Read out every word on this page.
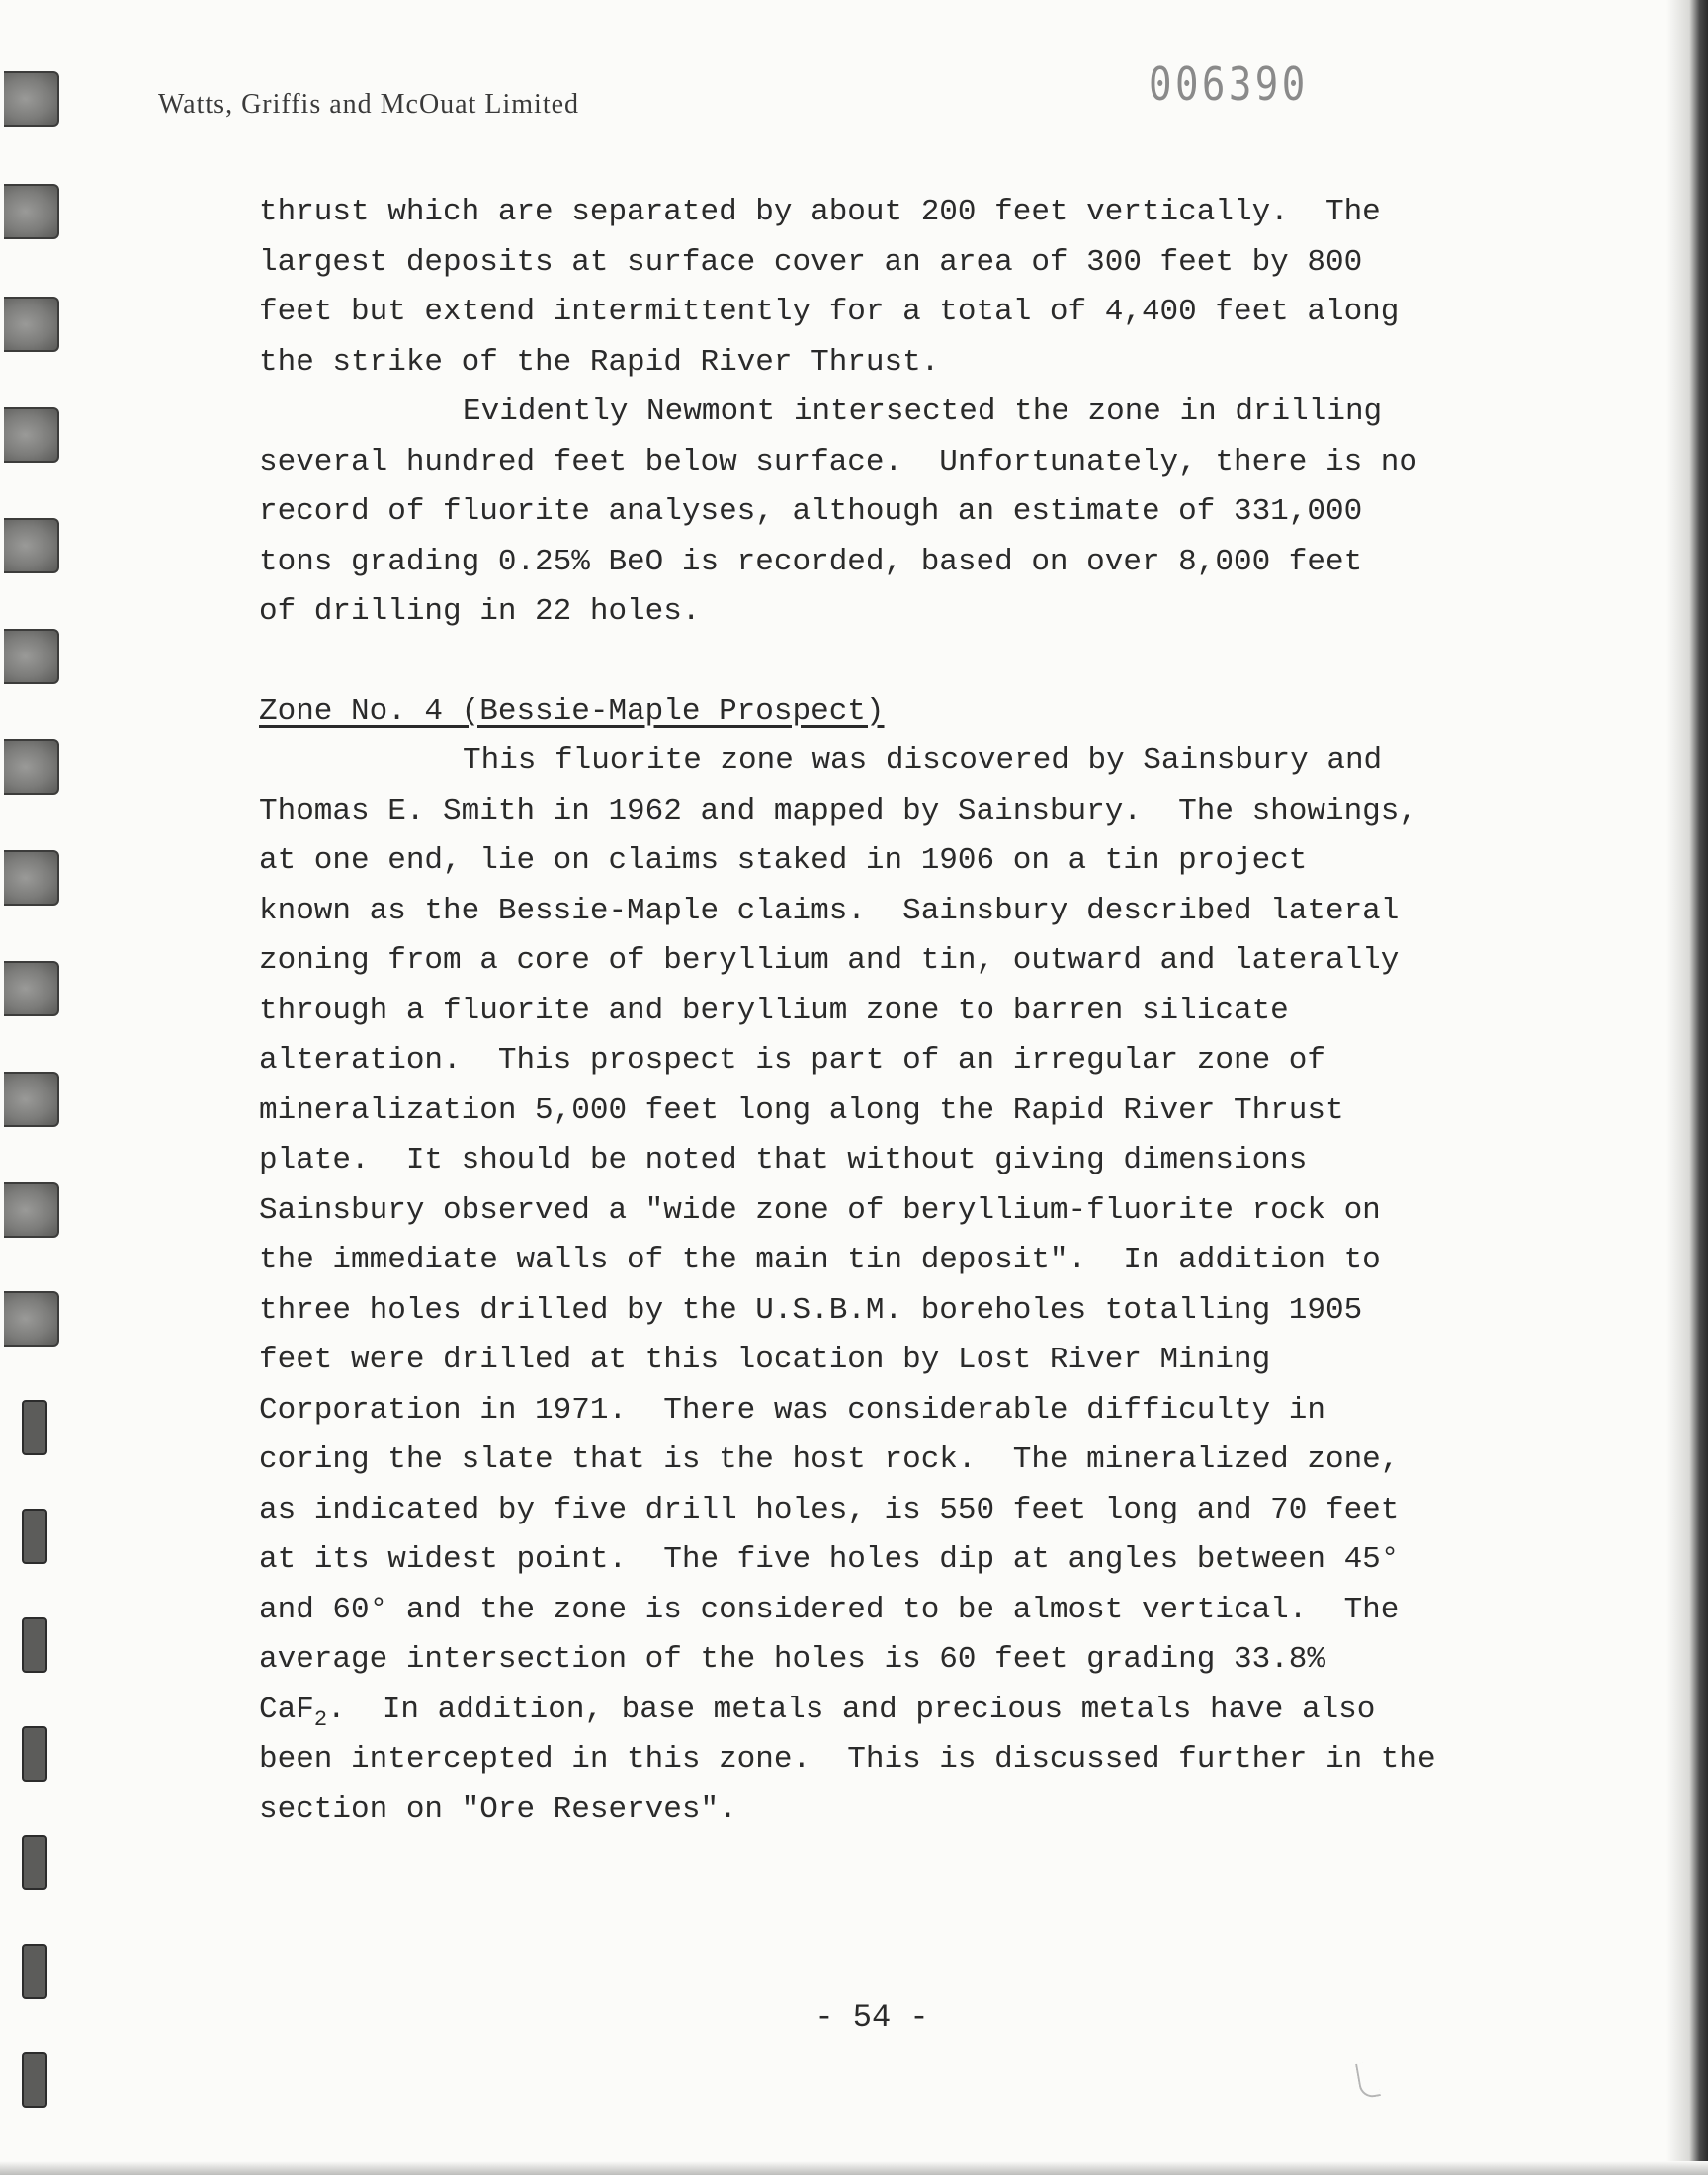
Watts, Griffis and McOuat Limited	006390

thrust which are separated by about 200 feet vertically.  The
largest deposits at surface cover an area of 300 feet by 800
feet but extend intermittently for a total of 4,400 feet along
the strike of the Rapid River Thrust.

Evidently Newmont intersected the zone in drilling
several hundred feet below surface.  Unfortunately, there is no
record of fluorite analyses, although an estimate of 331,000
tons grading 0.25% BeO is recorded, based on over 8,000 feet
of drilling in 22 holes.

Zone No. 4 (Bessie-Maple Prospect)

This fluorite zone was discovered by Sainsbury and
Thomas E. Smith in 1962 and mapped by Sainsbury.  The showings,
at one end, lie on claims staked in 1906 on a tin project
known as the Bessie-Maple claims.  Sainsbury described lateral
zoning from a core of beryllium and tin, outward and laterally
through a fluorite and beryllium zone to barren silicate
alteration.  This prospect is part of an irregular zone of
mineralization 5,000 feet long along the Rapid River Thrust
plate.  It should be noted that without giving dimensions
Sainsbury observed a "wide zone of beryllium-fluorite rock on
the immediate walls of the main tin deposit".  In addition to
three holes drilled by the U.S.B.M. boreholes totalling 1905
feet were drilled at this location by Lost River Mining
Corporation in 1971.  There was considerable difficulty in
coring the slate that is the host rock.  The mineralized zone,
as indicated by five drill holes, is 550 feet long and 70 feet
at its widest point.  The five holes dip at angles between 45°
and 60° and the zone is considered to be almost vertical.  The
average intersection of the holes is 60 feet grading 33.8%
CaF$_2$.  In addition, base metals and precious metals have also
been intercepted in this zone.  This is discussed further in the
section on "Ore Reserves".

- 54 -
